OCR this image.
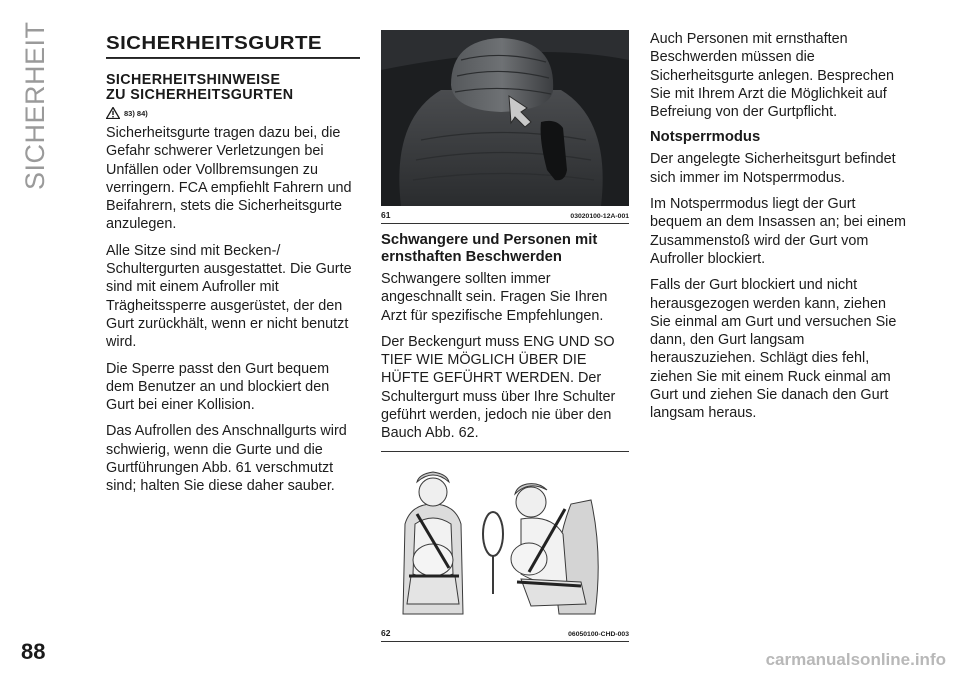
SICHERHEIT
88	carmanualsonline.info
SICHERHEITSGURTE
SICHERHEITSHINWEISE
ZU SICHERHEITSGURTEN
83) 84)

Sicherheitsgurte tragen dazu bei, die Gefahr schwerer Verletzungen bei Unfällen oder Vollbremsungen zu verringern. FCA empfiehlt Fahrern und Beifahrern, stets die Sicherheitsgurte anzulegen.

Alle Sitze sind mit Becken-/ Schultergurten ausgestattet. Die Gurte sind mit einem Aufroller mit Trägheitssperre ausgerüstet, der den Gurt zurückhält, wenn er nicht benutzt wird.

Die Sperre passt den Gurt bequem dem Benutzer an und blockiert den Gurt bei einer Kollision.

Das Aufrollen des Anschnallgurts wird schwierig, wenn die Gurte und die Gurtführungen Abb. 61 verschmutzt sind; halten Sie diese daher sauber.

61	03020100-12A-001
Schwangere und Personen mit ernsthaften Beschwerden

Schwangere sollten immer angeschnallt sein. Fragen Sie Ihren Arzt für spezifische Empfehlungen.

Der Beckengurt muss ENG UND SO TIEF WIE MÖGLICH ÜBER DIE HÜFTE GEFÜHRT WERDEN. Der Schultergurt muss über Ihre Schulter geführt werden, jedoch nie über den Bauch Abb. 62.

62	06050100-CHD-003

Auch Personen mit ernsthaften Beschwerden müssen die Sicherheitsgurte anlegen. Besprechen Sie mit Ihrem Arzt die Möglichkeit auf Befreiung von der Gurtpflicht.

Notsperrmodus

Der angelegte Sicherheitsgurt befindet sich immer im Notsperrmodus.

Im Notsperrmodus liegt der Gurt bequem an dem Insassen an; bei einem Zusammenstoß wird der Gurt vom Aufroller blockiert.

Falls der Gurt blockiert und nicht herausgezogen werden kann, ziehen Sie einmal am Gurt und versuchen Sie dann, den Gurt langsam herauszuziehen. Schlägt dies fehl, ziehen Sie mit einem Ruck einmal am Gurt und ziehen Sie danach den Gurt langsam heraus.
